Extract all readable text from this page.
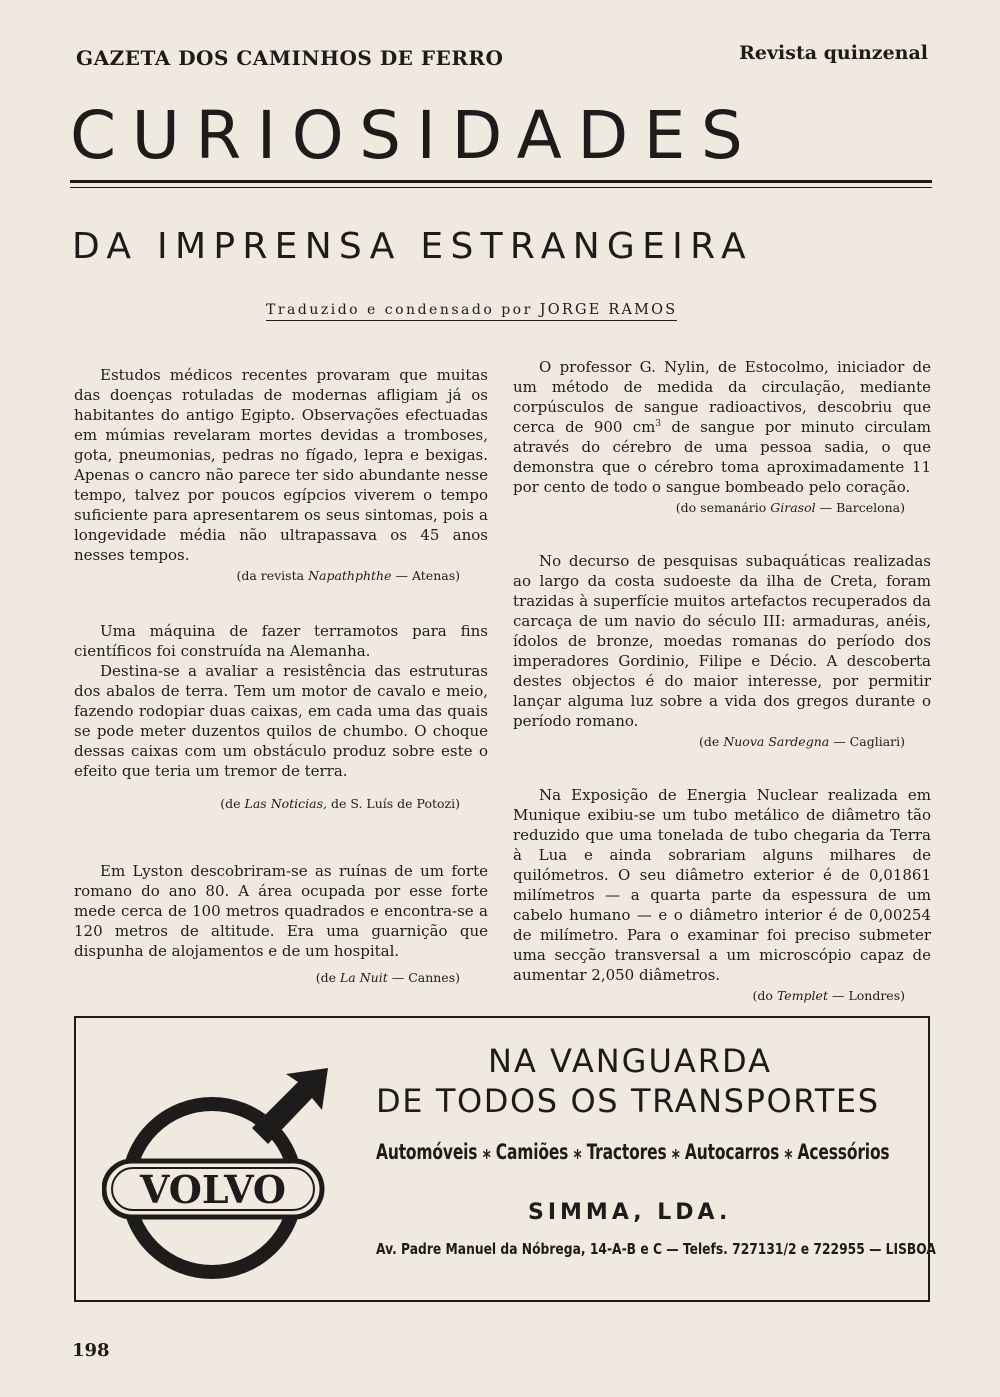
GAZETA DOS CAMINHOS DE FERRO	Revista quinzenal
CURIOSIDADES
DA IMPRENSA ESTRANGEIRA
Traduzido e condensado por JORGE RAMOS

Estudos médicos recentes provaram que muitas das doenças rotuladas de modernas afligiam já os habitantes do antigo Egipto. Observações efectuadas em múmias revelaram mortes devidas a tromboses, gota, pneumonias, pedras no fígado, lepra e bexigas. Apenas o cancro não parece ter sido abundante nesse tempo, talvez por poucos egípcios viverem o tempo suficiente para apresentarem os seus sintomas, pois a longevidade média não ultrapassava os 45 anos nesses tempos.

(da revista Napathphthe — Atenas)

Uma máquina de fazer terramotos para fins científicos foi construída na Alemanha.

Destina-se a avaliar a resistência das estruturas dos abalos de terra. Tem um motor de cavalo e meio, fazendo rodopiar duas caixas, em cada uma das quais se pode meter duzentos quilos de chumbo. O choque dessas caixas com um obstáculo produz sobre este o efeito que teria um tremor de terra.

(de Las Noticias, de S. Luís de Potozi)

Em Lyston descobriram-se as ruínas de um forte romano do ano 80. A área ocupada por esse forte mede cerca de 100 metros quadrados e encontra-se a 120 metros de altitude. Era uma guarnição que dispunha de alojamentos e de um hospital.

(de La Nuit — Cannes)

O professor G. Nylin, de Estocolmo, iniciador de um método de medida da circulação, mediante corpúsculos de sangue radioactivos, descobriu que cerca de 900 $cm^3$ de sangue por minuto circulam através do cérebro de uma pessoa sadia, o que demonstra que o cérebro toma aproximadamente 11 por cento de todo o sangue bombeado pelo coração.

(do semanário Girasol — Barcelona)

No decurso de pesquisas subaquáticas realizadas ao largo da costa sudoeste da ilha de Creta, foram trazidas à superfície muitos artefactos recuperados da carcaça de um navio do século III: armaduras, anéis, ídolos de bronze, moedas romanas do período dos imperadores Gordinio, Filipe e Décio. A descoberta destes objectos é do maior interesse, por permitir lançar alguma luz sobre a vida dos gregos durante o período romano.

(de Nuova Sardegna — Cagliari)

Na Exposição de Energia Nuclear realizada em Munique exibiu-se um tubo metálico de diâmetro tão reduzido que uma tonelada de tubo chegaria da Terra à Lua e ainda sobrariam alguns milhares de quilómetros. O seu diâmetro exterior é de 0,01861 milímetros — a quarta parte da espessura de um cabelo humano — e o diâmetro interior é de 0,00254 de milímetro. Para o examinar foi preciso submeter uma secção transversal a um microscópio capaz de aumentar 2,050 diâmetros.

(do Templet — Londres)
VOLVO
NA VANGUARDA
DE TODOS OS TRANSPORTES
Automóveis ⁎ Camiões ⁎ Tractores ⁎ Autocarros ⁎ Acessórios
SIMMA, LDA.
Av. Padre Manuel da Nóbrega, 14-A-B e C — Telefs. 727131/2 e 722955 — LISBOA
198
